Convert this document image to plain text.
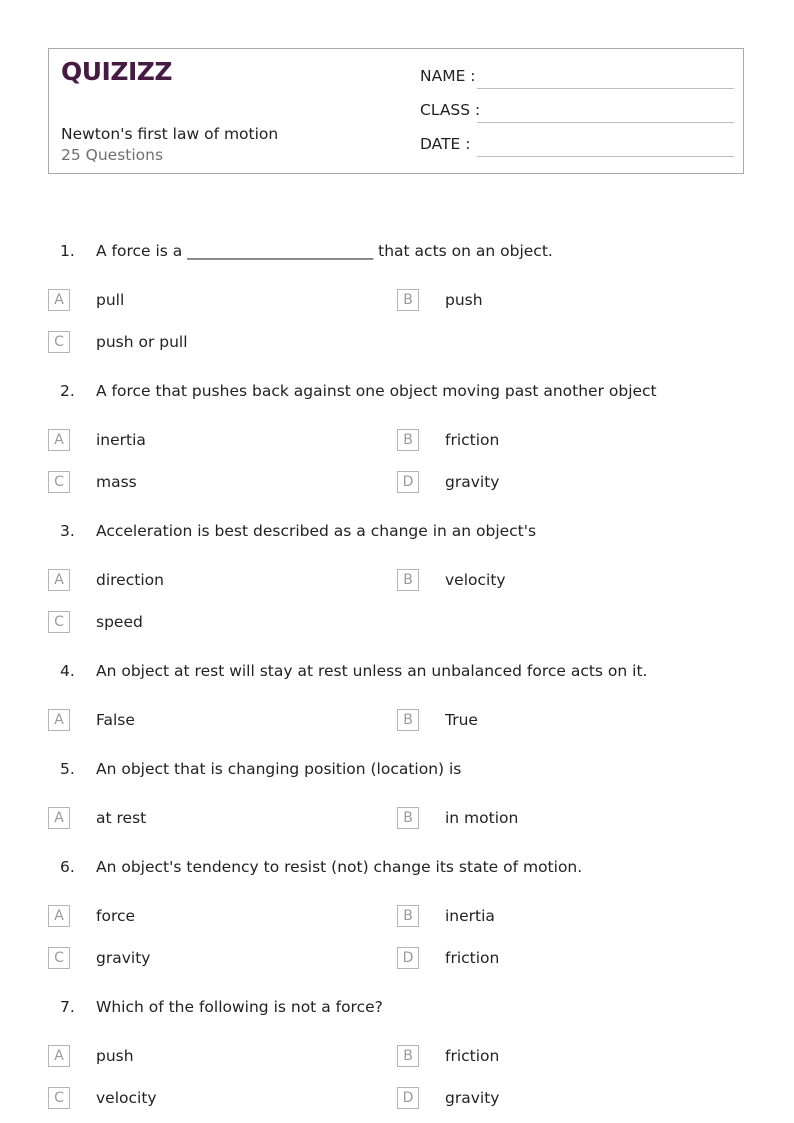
QUIZIZZ
Newton's first law of motion
25 Questions
NAME :
CLASS :
DATE :
1. A force is a ________________________ that acts on an object.
A	pull	B	push
C	push or pull
2. A force that pushes back against one object moving past another object
A	inertia	B	friction
C	mass	D	gravity
3. Acceleration is best described as a change in an object's
A	direction	B	velocity
C	speed
4. An object at rest will stay at rest unless an unbalanced force acts on it.
A	False	B	True
5. An object that is changing position (location) is
A	at rest	B	in motion
6. An object's tendency to resist (not) change its state of motion.
A	force	B	inertia
C	gravity	D	friction
7. Which of the following is not a force?
A	push	B	friction
C	velocity	D	gravity
